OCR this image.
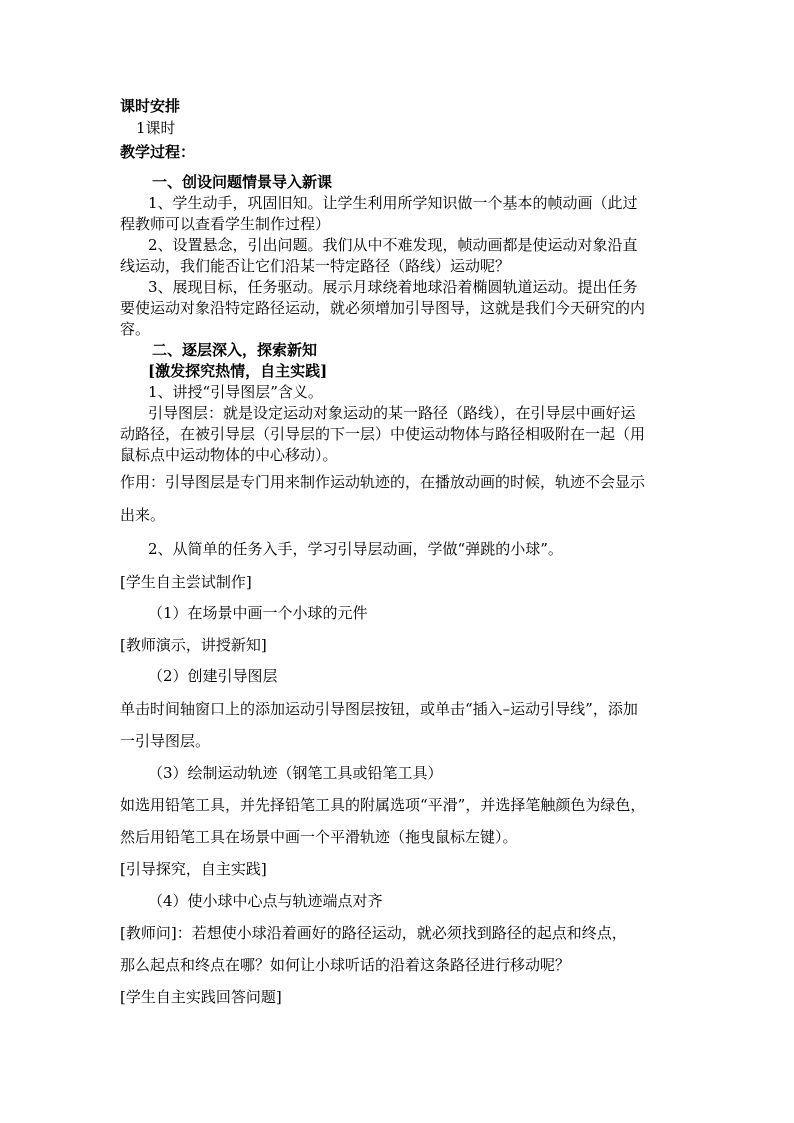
课时安排
1课时
教学过程：
一、创设问题情景导入新课
1、学生动手，巩固旧知。让学生利用所学知识做一个基本的帧动画（此过
程教师可以查看学生制作过程）
2、设置悬念，引出问题。我们从中不难发现，帧动画都是使运动对象沿直
线运动，我们能否让它们沿某一特定路径（路线）运动呢？
3、展现目标，任务驱动。展示月球绕着地球沿着椭圆轨道运动。提出任务
要使运动对象沿特定路径运动，就必须增加引导图导，这就是我们今天研究的内
容。
二、逐层深入，探索新知
[激发探究热情，自主实践]
1、讲授“引导图层”含义。
引导图层：就是设定运动对象运动的某一路径（路线），在引导层中画好运
动路径，在被引导层（引导层的下一层）中使运动物体与路径相吸附在一起（用
鼠标点中运动物体的中心移动）。
作用：引导图层是专门用来制作运动轨迹的，在播放动画的时候，轨迹不会显示
出来。
2、从简单的任务入手，学习引导层动画，学做“弹跳的小球”。
[学生自主尝试制作]
（1）在场景中画一个小球的元件
[教师演示，讲授新知]
（2）创建引导图层
单击时间轴窗口上的添加运动引导图层按钮，或单击“插入–运动引导线”，添加
一引导图层。
（3）绘制运动轨迹（钢笔工具或铅笔工具）
如选用铅笔工具，并先择铅笔工具的附属选项“平滑”，并选择笔触颜色为绿色，
然后用铅笔工具在场景中画一个平滑轨迹（拖曳鼠标左键）。
[引导探究，自主实践]
（4）使小球中心点与轨迹端点对齐
[教师问]：若想使小球沿着画好的路径运动，就必须找到路径的起点和终点，
那么起点和终点在哪？如何让小球听话的沿着这条路径进行移动呢？
[学生自主实践回答问题]
